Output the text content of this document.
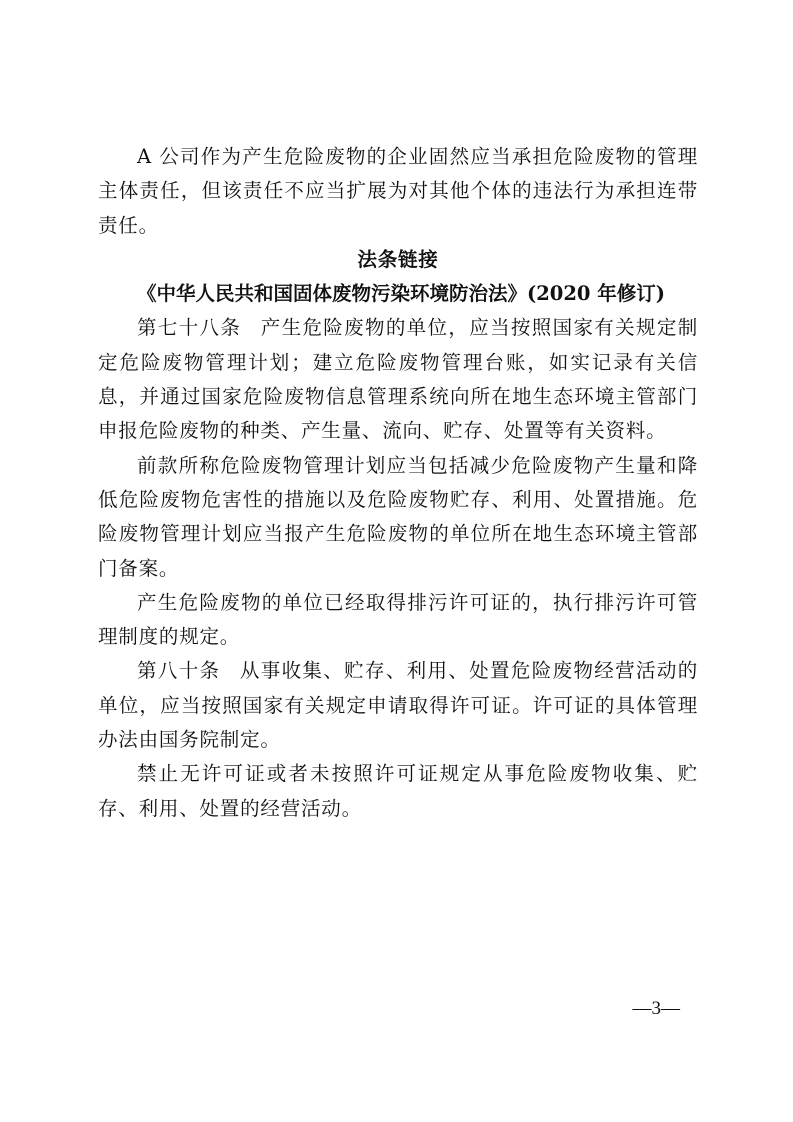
A 公司作为产生危险废物的企业固然应当承担危险废物的管理主体责任，但该责任不应当扩展为对其他个体的违法行为承担连带责任。

法条链接

《中华人民共和国固体废物污染环境防治法》(2020 年修订)

第七十八条 产生危险废物的单位，应当按照国家有关规定制定危险废物管理计划；建立危险废物管理台账，如实记录有关信息，并通过国家危险废物信息管理系统向所在地生态环境主管部门申报危险废物的种类、产生量、流向、贮存、处置等有关资料。

前款所称危险废物管理计划应当包括减少危险废物产生量和降低危险废物危害性的措施以及危险废物贮存、利用、处置措施。危险废物管理计划应当报产生危险废物的单位所在地生态环境主管部门备案。

产生危险废物的单位已经取得排污许可证的，执行排污许可管理制度的规定。

第八十条 从事收集、贮存、利用、处置危险废物经营活动的单位，应当按照国家有关规定申请取得许可证。许可证的具体管理办法由国务院制定。

禁止无许可证或者未按照许可证规定从事危险废物收集、贮存、利用、处置的经营活动。

—3—
